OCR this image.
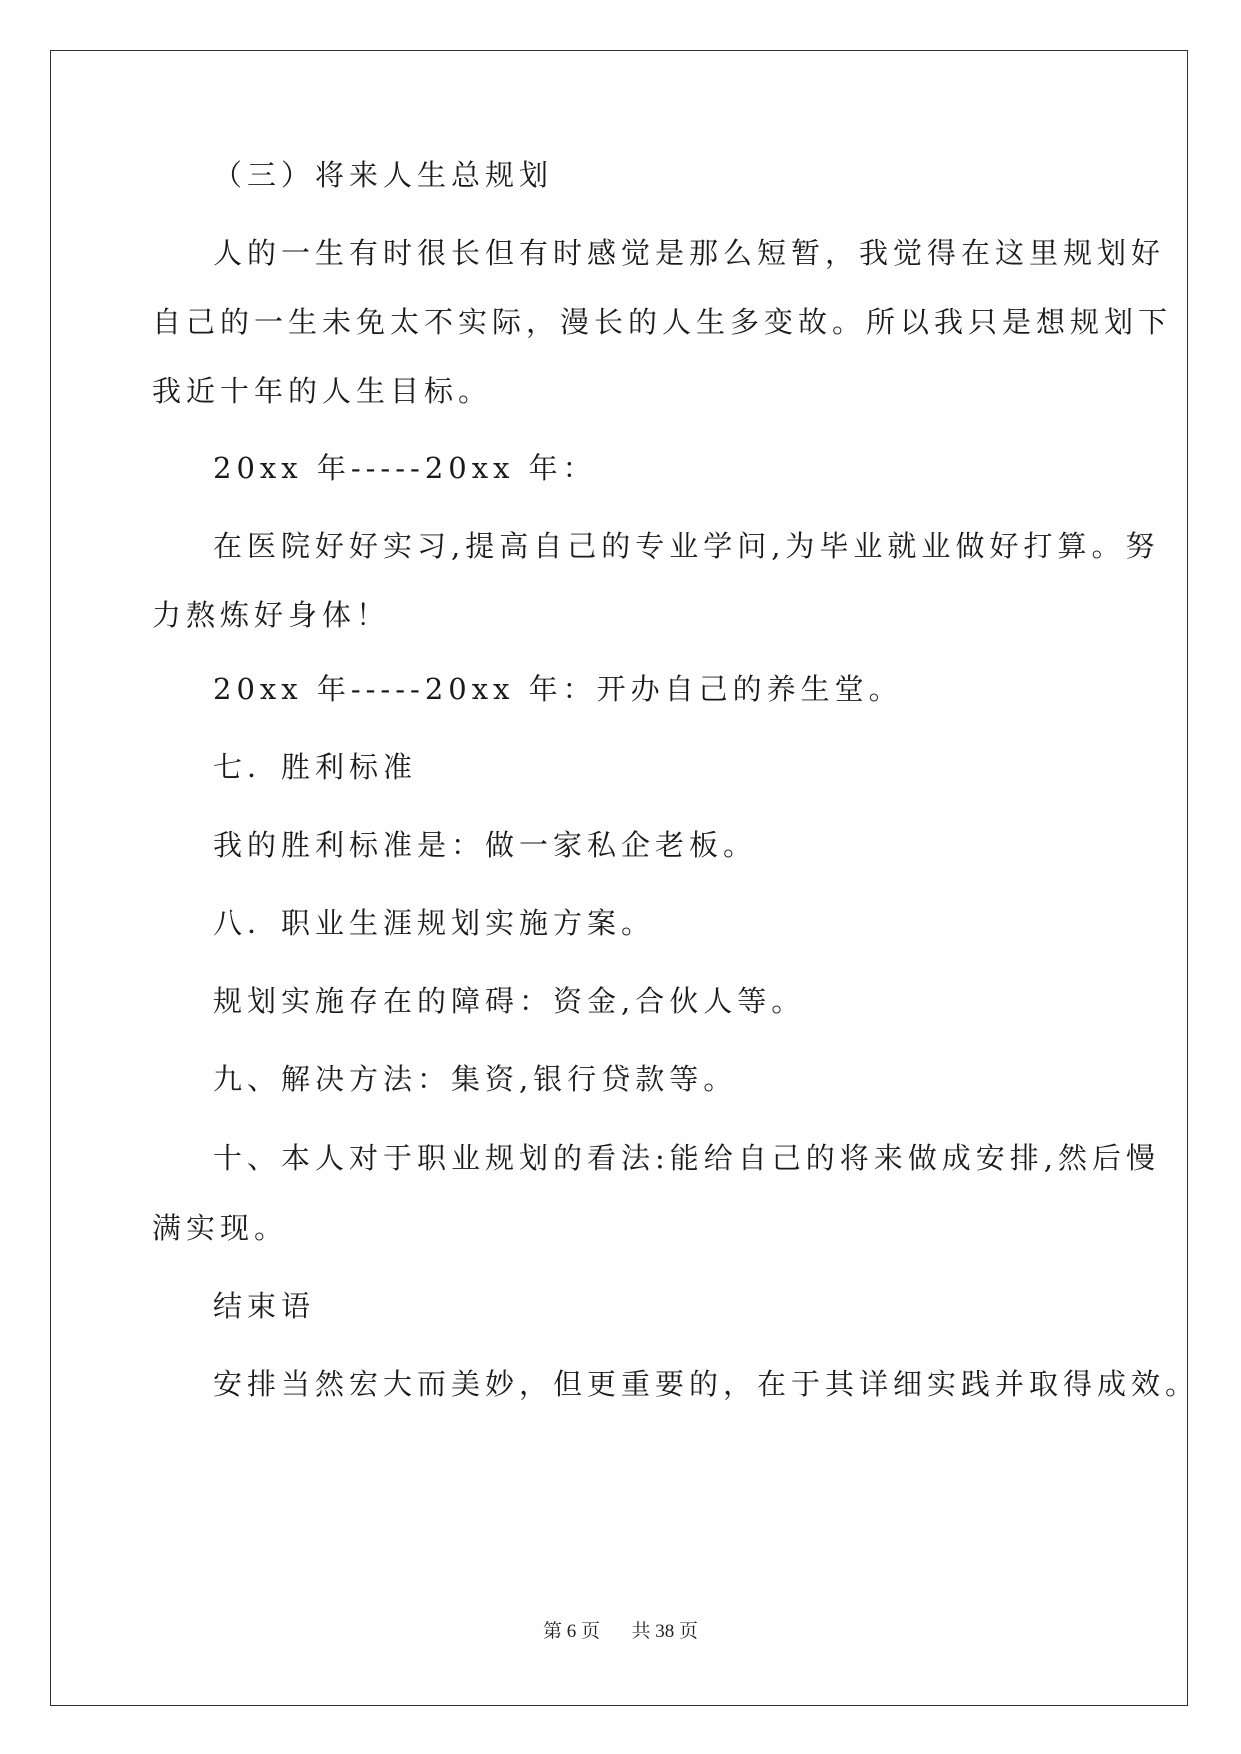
（三）将来人生总规划
人的一生有时很长但有时感觉是那么短暂，我觉得在这里规划好
自己的一生未免太不实际，漫长的人生多变故。所以我只是想规划下
我近十年的人生目标。
20xx 年-----20xx 年：
在医院好好实习,提高自己的专业学问,为毕业就业做好打算。努
力熬炼好身体！
20xx 年-----20xx 年：开办自己的养生堂。
七．胜利标准
我的胜利标准是：做一家私企老板。
八．职业生涯规划实施方案。
规划实施存在的障碍：资金,合伙人等。
九、解决方法：集资,银行贷款等。
十、本人对于职业规划的看法:能给自己的将来做成安排,然后慢
满实现。
结束语
安排当然宏大而美妙，但更重要的，在于其详细实践并取得成效。
第 6 页 共 38 页
